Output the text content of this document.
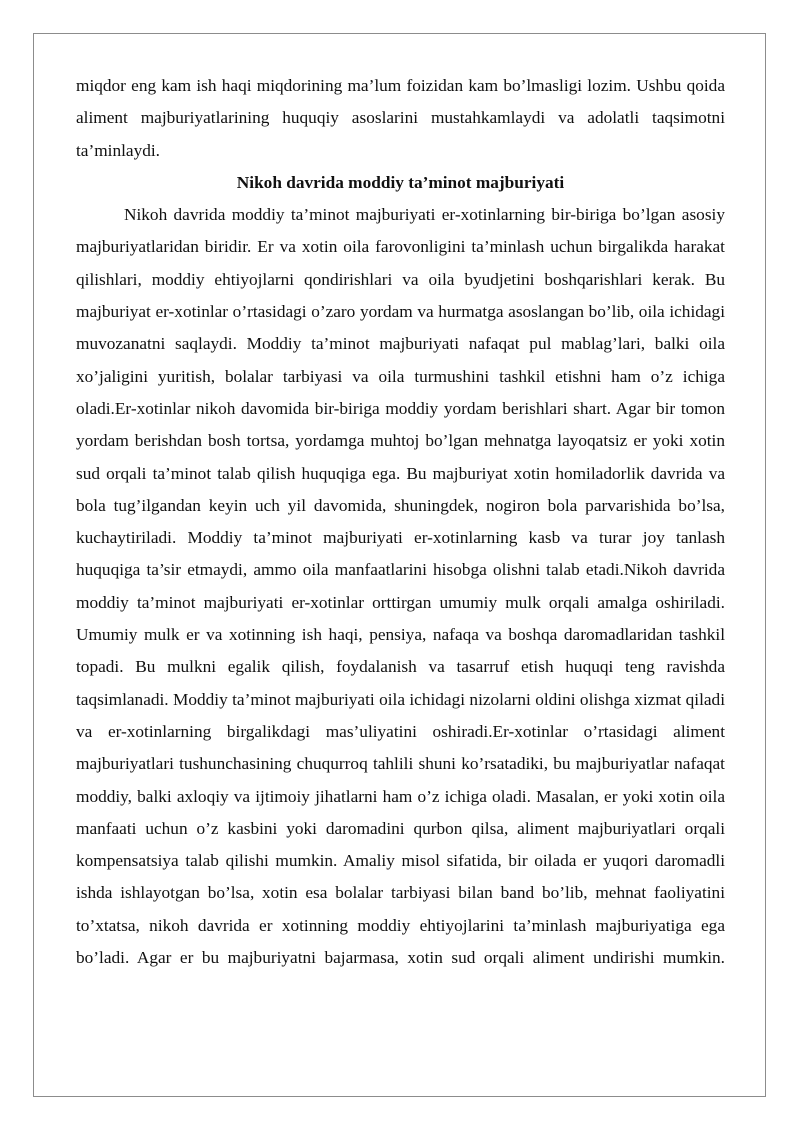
miqdor eng kam ish haqi miqdorining ma’lum foizidan kam bo’lmasligi lozim. Ushbu qoida aliment majburiyatlarining huquqiy asoslarini mustahkamlaydi va adolatli taqsimotni ta’minlaydi.

Nikoh davrida moddiy ta’minot majburiyati

Nikoh davrida moddiy ta’minot majburiyati er-xotinlarning bir-biriga bo’lgan asosiy majburiyatlaridan biridir. Er va xotin oila farovonligini ta’minlash uchun birgalikda harakat qilishlari, moddiy ehtiyojlarni qondirishlari va oila byudjetini boshqarishlari kerak. Bu majburiyat er-xotinlar o’rtasidagi o’zaro yordam va hurmatga asoslangan bo’lib, oila ichidagi muvozanatni saqlaydi. Moddiy ta’minot majburiyati nafaqat pul mablag’lari, balki oila xo’jaligini yuritish, bolalar tarbiyasi va oila turmushini tashkil etishni ham o’z ichiga oladi.Er-xotinlar nikoh davomida bir-biriga moddiy yordam berishlari shart. Agar bir tomon yordam berishdan bosh tortsa, yordamga muhtoj bo’lgan mehnatga layoqatsiz er yoki xotin sud orqali ta’minot talab qilish huquqiga ega. Bu majburiyat xotin homiladorlik davrida va bola tug’ilgandan keyin uch yil davomida, shuningdek, nogiron bola parvarishida bo’lsa, kuchaytiriladi. Moddiy ta’minot majburiyati er-xotinlarning kasb va turar joy tanlash huquqiga ta’sir etmaydi, ammo oila manfaatlarini hisobga olishni talab etadi.Nikoh davrida moddiy ta’minot majburiyati er-xotinlar orttirgan umumiy mulk orqali amalga oshiriladi. Umumiy mulk er va xotinning ish haqi, pensiya, nafaqa va boshqa daromadlaridan tashkil topadi. Bu mulkni egalik qilish, foydalanish va tasarruf etish huquqi teng ravishda taqsimlanadi. Moddiy ta’minot majburiyati oila ichidagi nizolarni oldini olishga xizmat qiladi va er-xotinlarning birgalikdagi mas’uliyatini oshiradi.Er-xotinlar o’rtasidagi aliment majburiyatlari tushunchasining chuqurroq tahlili shuni ko’rsatadiki, bu majburiyatlar nafaqat moddiy, balki axloqiy va ijtimoiy jihatlarni ham o’z ichiga oladi. Masalan, er yoki xotin oila manfaati uchun o’z kasbini yoki daromadini qurbon qilsa, aliment majburiyatlari orqali kompensatsiya talab qilishi mumkin. Amaliy misol sifatida, bir oilada er yuqori daromadli ishda ishlayotgan bo’lsa, xotin esa bolalar tarbiyasi bilan band bo’lib, mehnat faoliyatini to’xtatsa, nikoh davrida er xotinning moddiy ehtiyojlarini ta’minlash majburiyatiga ega bo’ladi. Agar er bu majburiyatni bajarmasa, xotin sud orqali aliment undirishi mumkin.
